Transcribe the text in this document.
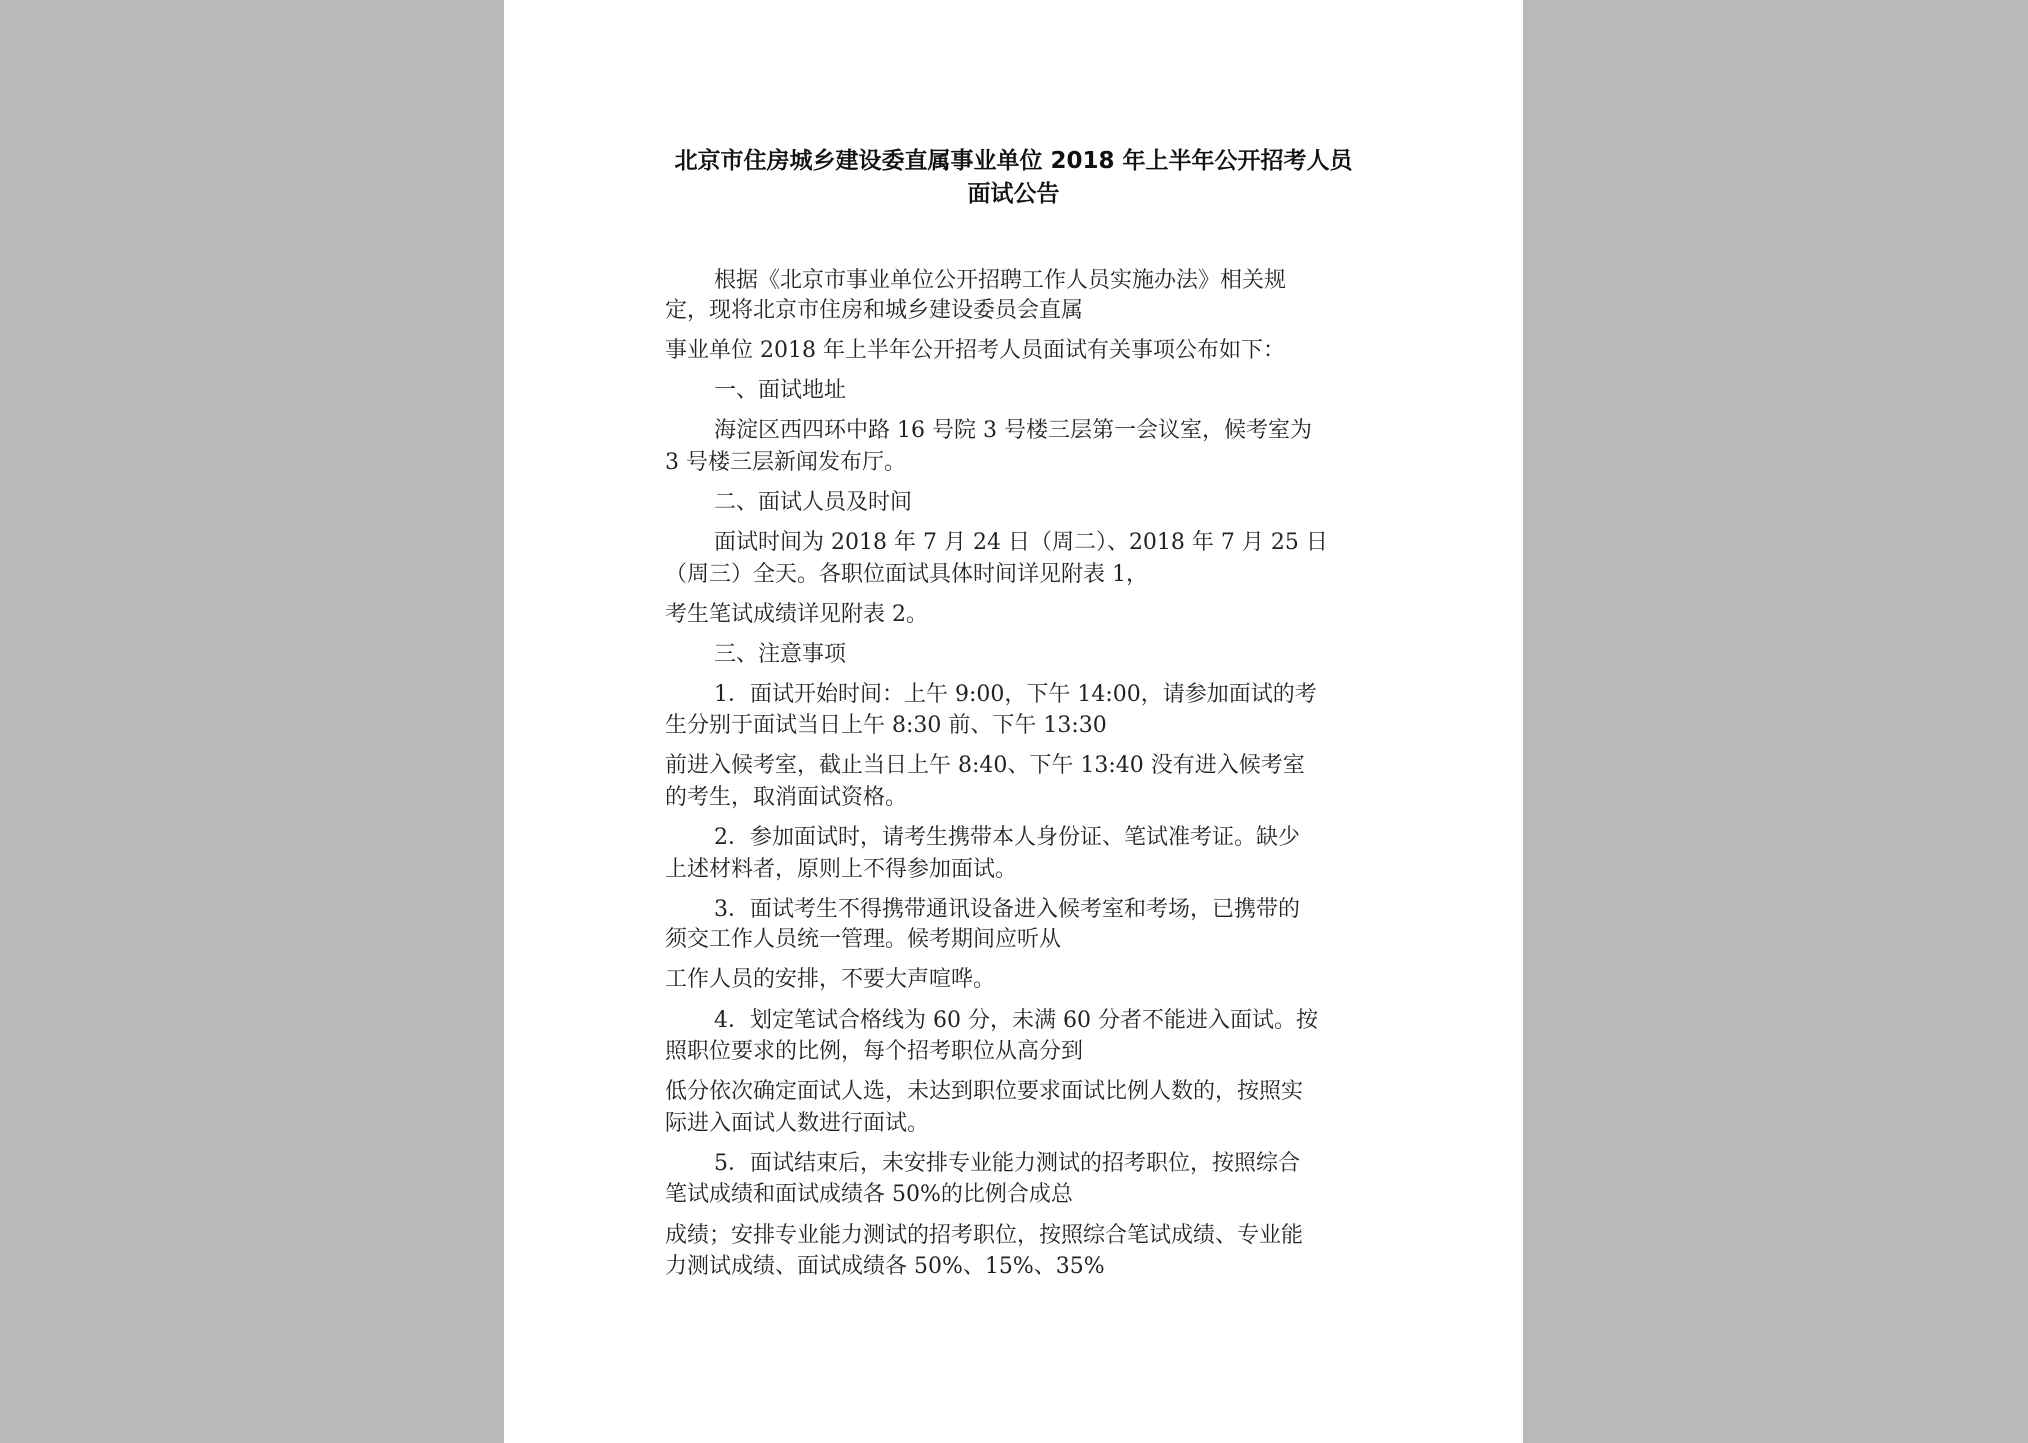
北京市住房城乡建设委直属事业单位 2018 年上半年公开招考人员
面试公告
根据《北京市事业单位公开招聘工作人员实施办法》相关规
定，现将北京市住房和城乡建设委员会直属
事业单位 2018 年上半年公开招考人员面试有关事项公布如下：
一、面试地址
海淀区西四环中路 16 号院 3 号楼三层第一会议室，候考室为
3 号楼三层新闻发布厅。
二、面试人员及时间
面试时间为 2018 年 7 月 24 日（周二）、2018 年 7 月 25 日
（周三）全天。各职位面试具体时间详见附表 1，
考生笔试成绩详见附表 2。
三、注意事项
1．面试开始时间：上午 9:00，下午 14:00，请参加面试的考
生分别于面试当日上午 8:30 前、下午 13:30
前进入候考室，截止当日上午 8:40、下午 13:40 没有进入候考室
的考生，取消面试资格。
2．参加面试时，请考生携带本人身份证、笔试准考证。缺少
上述材料者，原则上不得参加面试。
3．面试考生不得携带通讯设备进入候考室和考场，已携带的
须交工作人员统一管理。候考期间应听从
工作人员的安排，不要大声喧哗。
4．划定笔试合格线为 60 分，未满 60 分者不能进入面试。按
照职位要求的比例，每个招考职位从高分到
低分依次确定面试人选，未达到职位要求面试比例人数的，按照实
际进入面试人数进行面试。
5．面试结束后，未安排专业能力测试的招考职位，按照综合
笔试成绩和面试成绩各 50%的比例合成总
成绩；安排专业能力测试的招考职位，按照综合笔试成绩、专业能
力测试成绩、面试成绩各 50%、15%、35%
